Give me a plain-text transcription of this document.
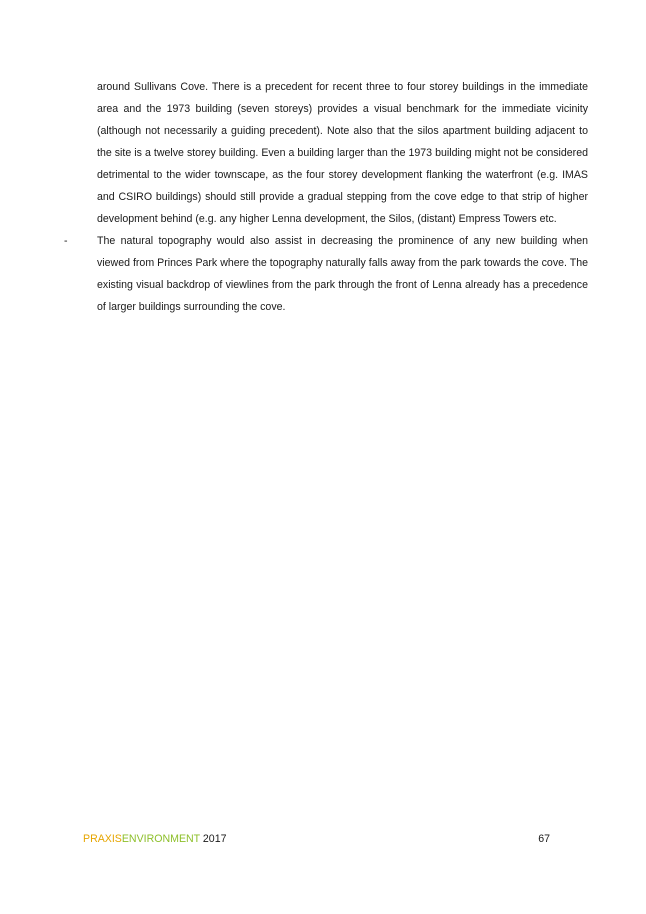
around Sullivans Cove. There is a precedent for recent three to four storey buildings in the immediate area and the 1973 building (seven storeys) provides a visual benchmark for the immediate vicinity (although not necessarily a guiding precedent). Note also that the silos apartment building adjacent to the site is a twelve storey building. Even a building larger than the 1973 building might not be considered detrimental to the wider townscape, as the four storey development flanking the waterfront (e.g. IMAS and CSIRO buildings) should still provide a gradual stepping from the cove edge to that strip of higher development behind (e.g. any higher Lenna development, the Silos, (distant) Empress Towers etc.

-	The natural topography would also assist in decreasing the prominence of any new building when viewed from Princes Park where the topography naturally falls away from the park towards the cove. The existing visual backdrop of viewlines from the park through the front of Lenna already has a precedence of larger buildings surrounding the cove.

PRAXISENVIRONMENT 2017	67
